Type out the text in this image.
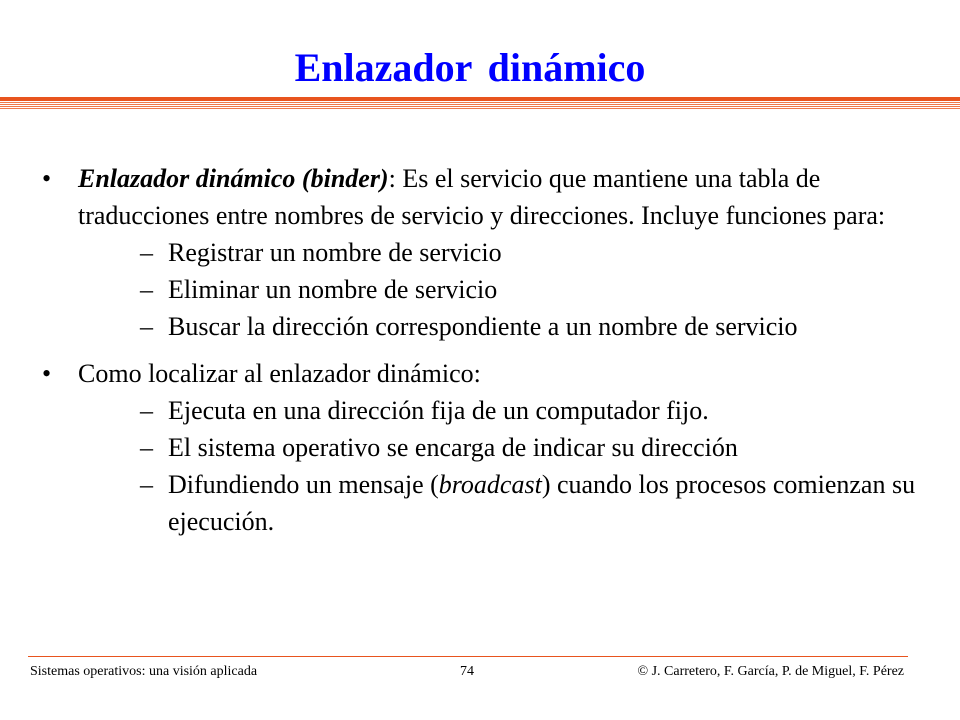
Enlazador dinámico
• Enlazador dinámico (binder): Es el servicio que mantiene una tabla de traducciones entre nombres de servicio y direcciones. Incluye funciones para:
– Registrar un nombre de servicio
– Eliminar un nombre de servicio
– Buscar la dirección correspondiente a un nombre de servicio
• Como localizar al enlazador dinámico:
– Ejecuta en una dirección fija de un computador fijo.
– El sistema operativo se encarga de indicar su dirección
– Difundiendo un mensaje (broadcast) cuando los procesos comienzan su ejecución.
Sistemas operativos: una visión aplicada	74	© J. Carretero, F. García, P. de Miguel, F. Pérez
